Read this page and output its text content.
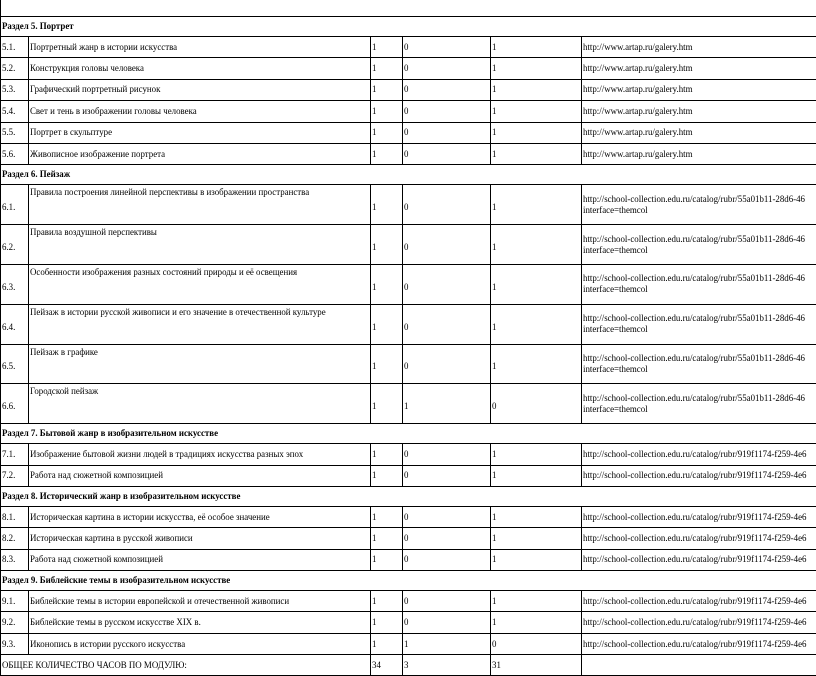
Раздел 5. Портрет					
5.1.	Портретный жанр в истории искусства	1	0	1	http://www.artap.ru/galery.htm

5.2.	Конструкция головы человека	1	0	1	http://www.artap.ru/galery.htm

5.3.	Графический портретный рисунок	1	0	1	http://www.artap.ru/galery.htm

5.4.	Свет и тень в изображении головы человека	1	0	1	http://www.artap.ru/galery.htm

5.5.	Портрет в скульптуре	1	0	1	http://www.artap.ru/galery.htm

5.6.	Живописное изображение портрета	1	0	1	http://www.artap.ru/galery.htm

Раздел 6. Пейзаж					
6.1.	Правила построения линейной перспективы в изображении пространства	1	0	1	http://school-collection.edu.ru/catalog/rubr/55a01b11-28d6-46
interface=themcol

6.2.	Правила воздушной перспективы	1	0	1	http://school-collection.edu.ru/catalog/rubr/55a01b11-28d6-46
interface=themcol

6.3.	Особенности изображения разных состояний природы и её освещения	1	0	1	http://school-collection.edu.ru/catalog/rubr/55a01b11-28d6-46
interface=themcol

6.4.	Пейзаж в истории русской живописи и его значение в отечественной культуре	1	0	1	http://school-collection.edu.ru/catalog/rubr/55a01b11-28d6-46
interface=themcol

6.5.	Пейзаж в графике	1	0	1	http://school-collection.edu.ru/catalog/rubr/55a01b11-28d6-46
interface=themcol

6.6.	Городской пейзаж	1	1	0	http://school-collection.edu.ru/catalog/rubr/55a01b11-28d6-46
interface=themcol

Раздел 7. Бытовой жанр в изобразительном искусстве					
7.1.	Изображение бытовой жизни людей в традициях искусства разных эпох	1	0	1	http://school-collection.edu.ru/catalog/rubr/919f1174-f259-4e6

7.2.	Работа над сюжетной композицией	1	0	1	http://school-collection.edu.ru/catalog/rubr/919f1174-f259-4e6

Раздел 8. Исторический жанр в изобразительном искусстве					
8.1.	Историческая картина в истории искусства, её особое значение	1	0	1	http://school-collection.edu.ru/catalog/rubr/919f1174-f259-4e6

8.2.	Историческая картина в русской живописи	1	0	1	http://school-collection.edu.ru/catalog/rubr/919f1174-f259-4e6

8.3.	Работа над сюжетной композицией	1	0	1	http://school-collection.edu.ru/catalog/rubr/919f1174-f259-4e6

Раздел 9. Библейские темы в изобразительном искусстве					
9.1.	Библейские темы в истории европейской и отечественной живописи	1	0	1	http://school-collection.edu.ru/catalog/rubr/919f1174-f259-4e6

9.2.	Библейские темы в русском искусстве XIX в.	1	0	1	http://school-collection.edu.ru/catalog/rubr/919f1174-f259-4e6

9.3.	Иконопись в истории русского искусства	1	1	0	http://school-collection.edu.ru/catalog/rubr/919f1174-f259-4e6

ОБЩЕЕ КОЛИЧЕСТВО ЧАСОВ ПО МОДУЛЮ:		34	3	31	
